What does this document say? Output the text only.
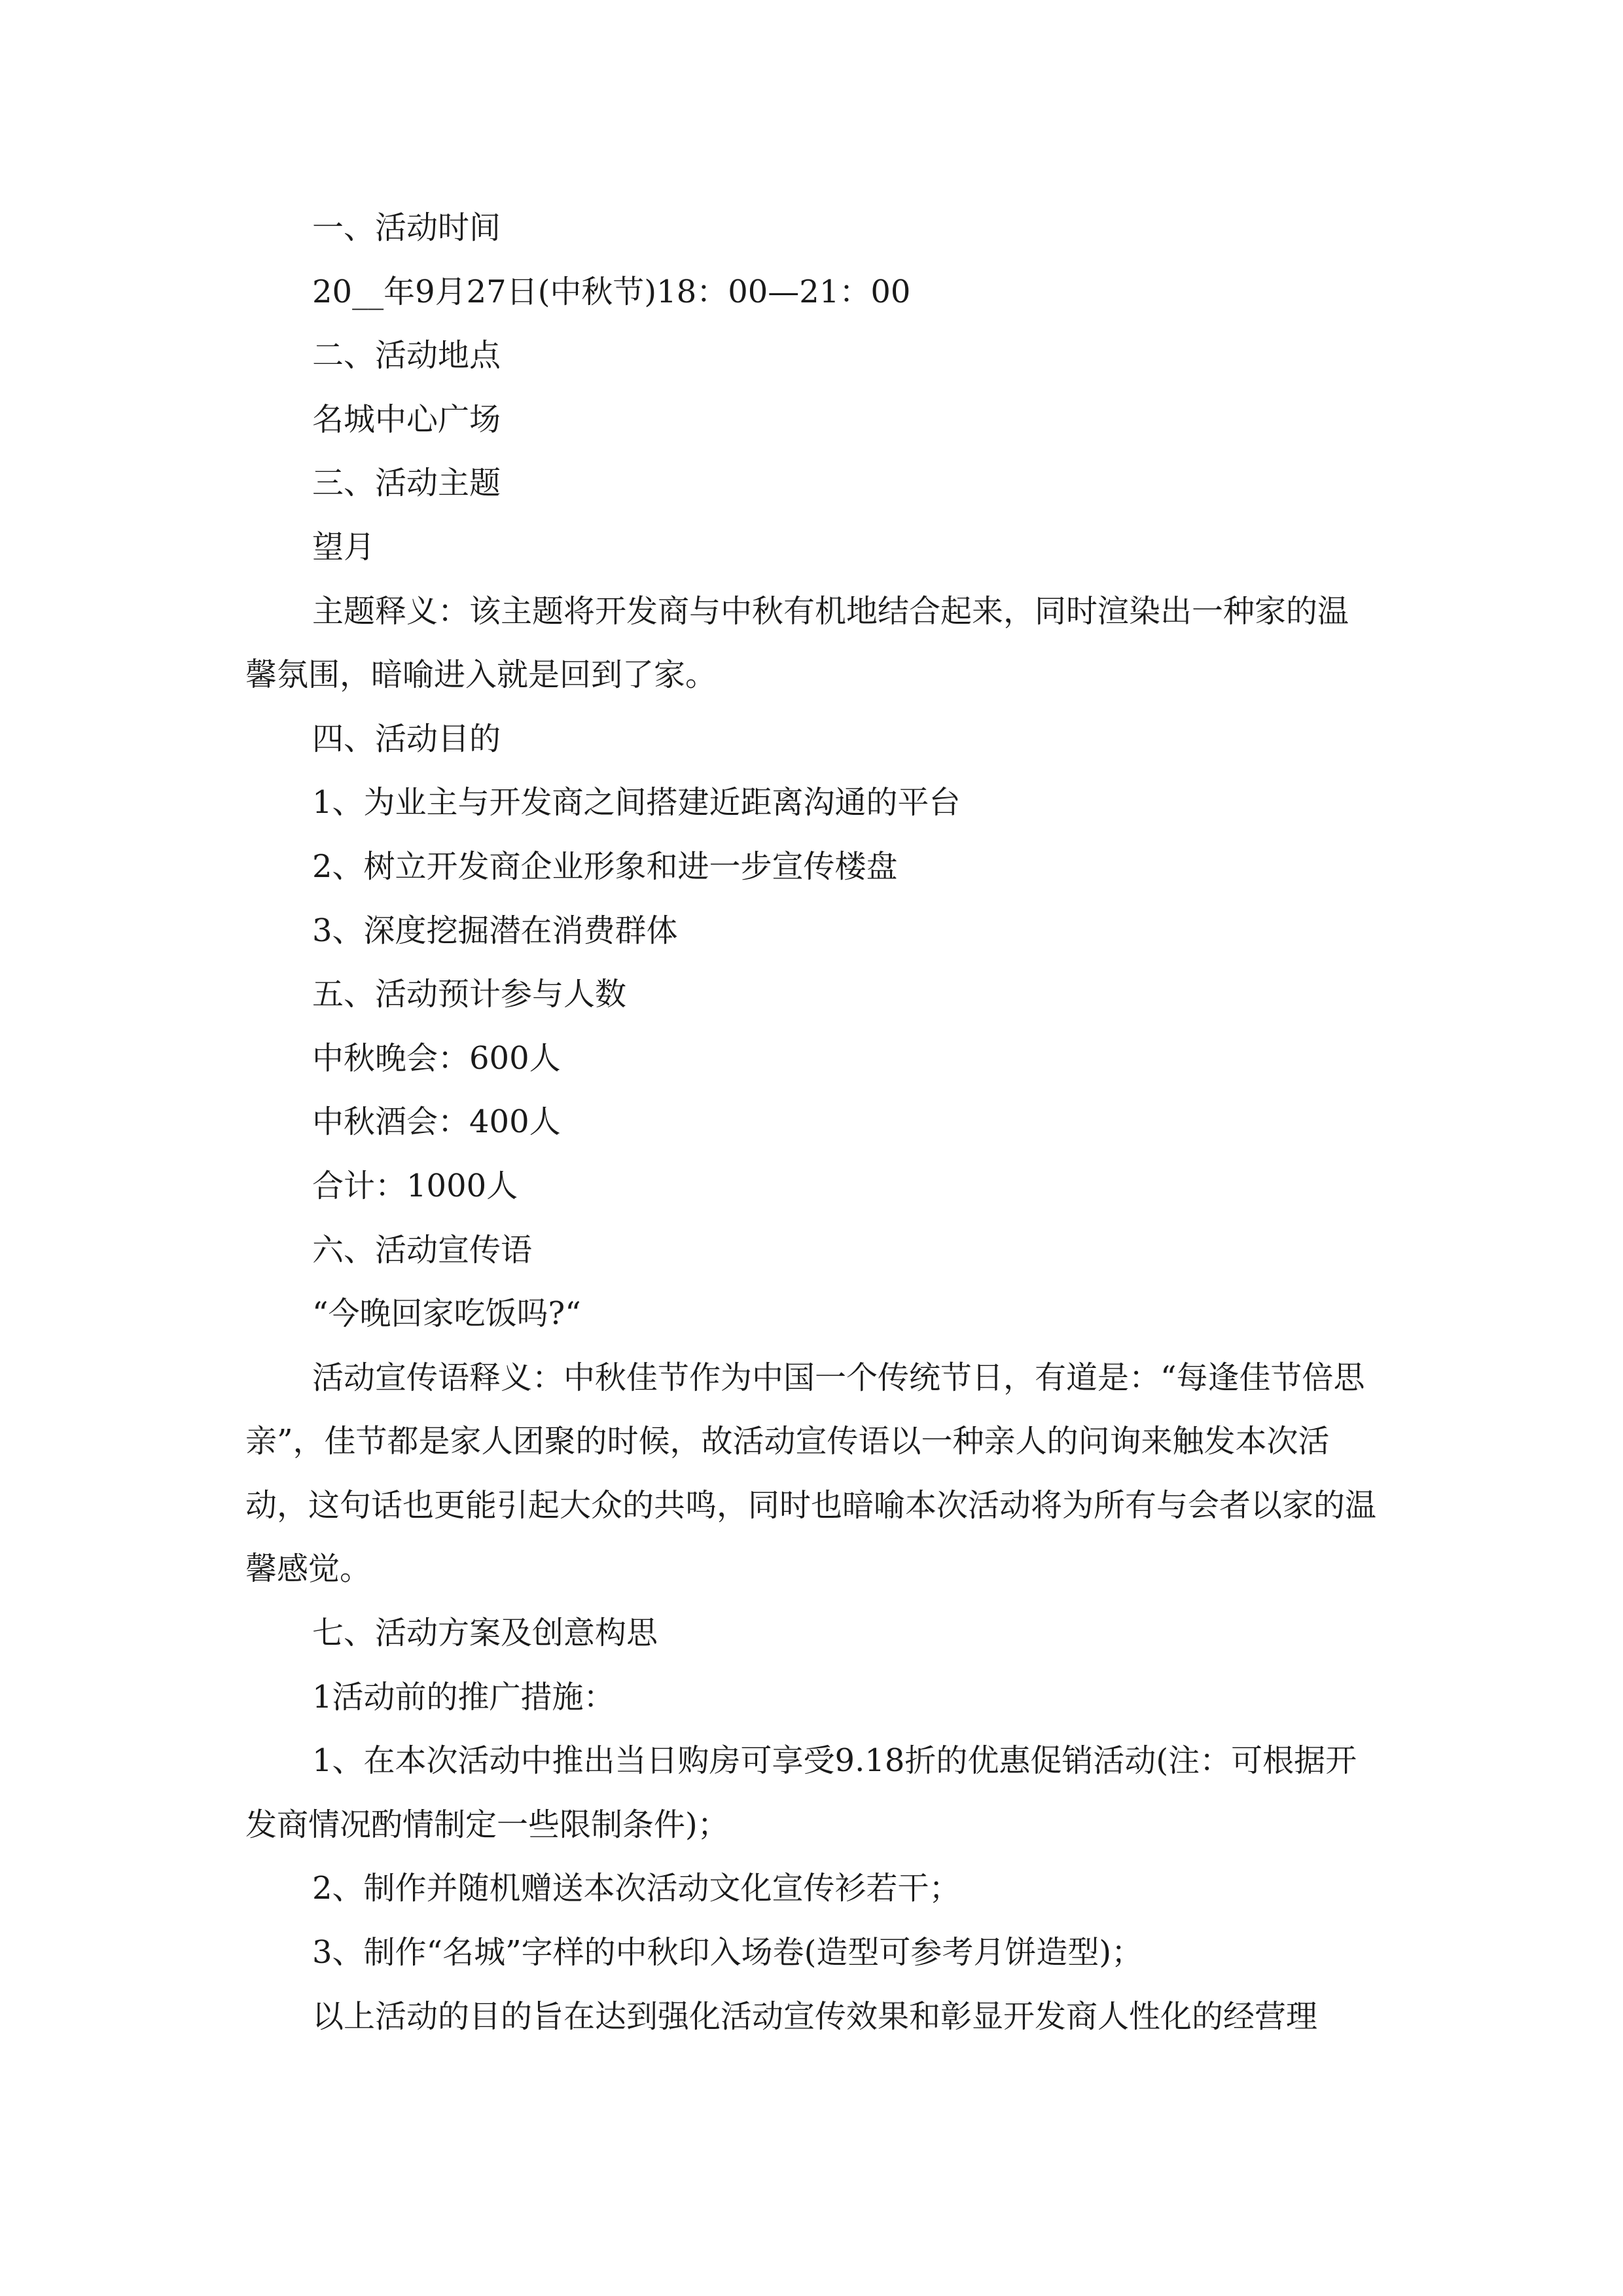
一、活动时间

20__年9月27日(中秋节)18：00—21：00

二、活动地点

名城中心广场

三、活动主题

望月

主题释义：该主题将开发商与中秋有机地结合起来，同时渲染出一种家的温馨氛围，暗喻进入就是回到了家。

四、活动目的

1、为业主与开发商之间搭建近距离沟通的平台

2、树立开发商企业形象和进一步宣传楼盘

3、深度挖掘潜在消费群体

五、活动预计参与人数

中秋晚会：600人

中秋酒会：400人

合计：1000人

六、活动宣传语

“今晚回家吃饭吗?“

活动宣传语释义：中秋佳节作为中国一个传统节日，有道是：“每逢佳节倍思亲”，佳节都是家人团聚的时候，故活动宣传语以一种亲人的问询来触发本次活动，这句话也更能引起大众的共鸣，同时也暗喻本次活动将为所有与会者以家的温馨感觉。

七、活动方案及创意构思

1活动前的推广措施：

1、在本次活动中推出当日购房可享受9.18折的优惠促销活动(注：可根据开发商情况酌情制定一些限制条件)；

2、制作并随机赠送本次活动文化宣传衫若干；

3、制作“名城”字样的中秋印入场卷(造型可参考月饼造型)；

以上活动的目的旨在达到强化活动宣传效果和彰显开发商人性化的经营理
